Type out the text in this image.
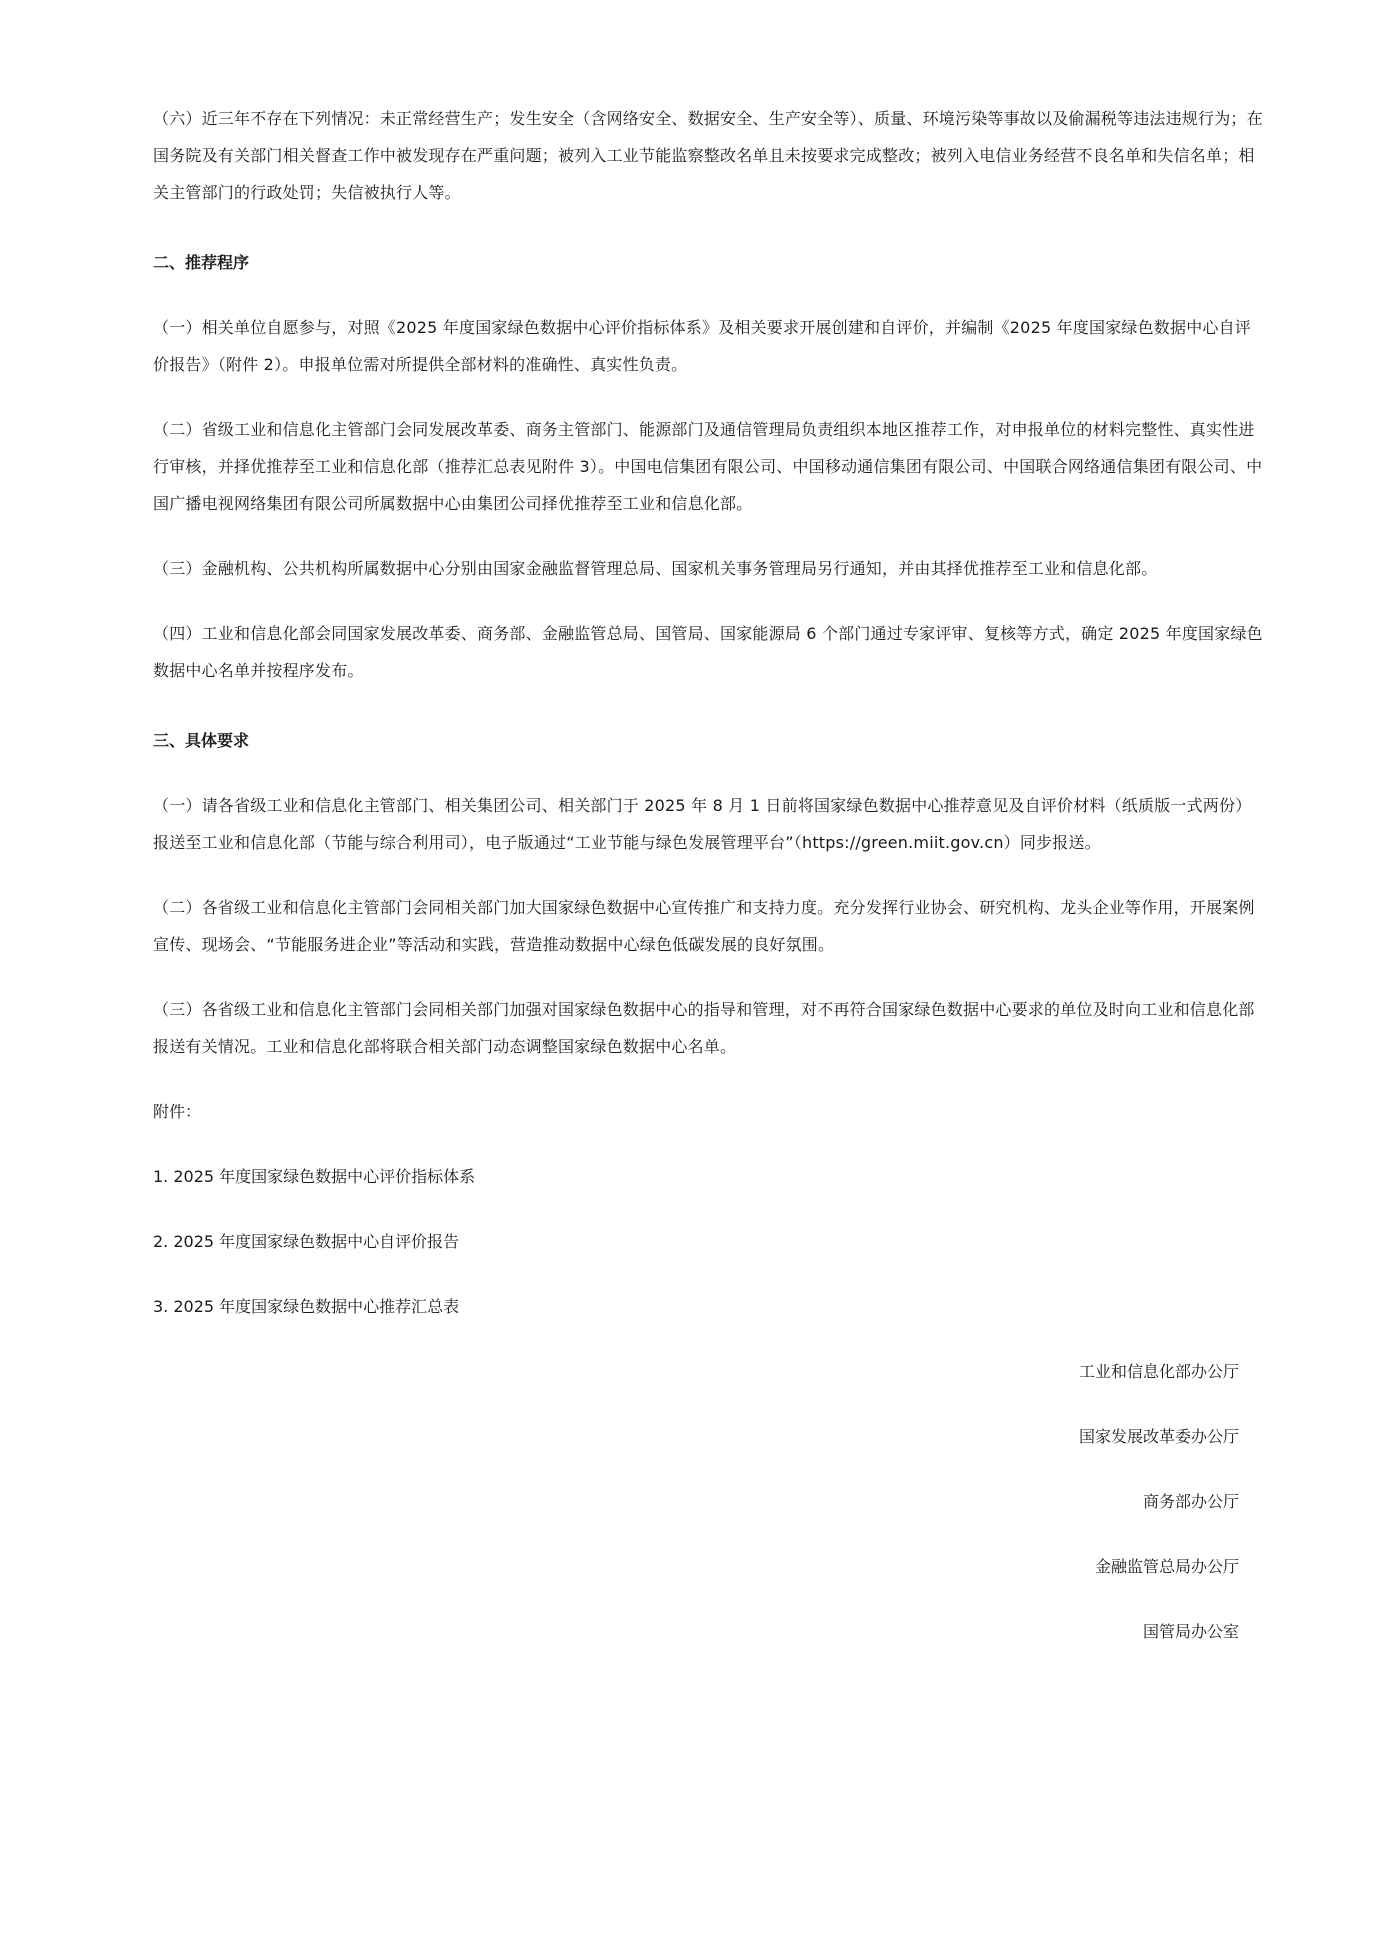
（六）近三年不存在下列情况：未正常经营生产；发生安全（含网络安全、数据安全、生产安全等）、质量、环境污染等事故以及偷漏税等违法违规行为；在国务院及有关部门相关督查工作中被发现存在严重问题；被列入工业节能监察整改名单且未按要求完成整改；被列入电信业务经营不良名单和失信名单；相关主管部门的行政处罚；失信被执行人等。

二、推荐程序

（一）相关单位自愿参与，对照《2025 年度国家绿色数据中心评价指标体系》及相关要求开展创建和自评价，并编制《2025 年度国家绿色数据中心自评价报告》（附件 2）。申报单位需对所提供全部材料的准确性、真实性负责。

（二）省级工业和信息化主管部门会同发展改革委、商务主管部门、能源部门及通信管理局负责组织本地区推荐工作，对申报单位的材料完整性、真实性进行审核，并择优推荐至工业和信息化部（推荐汇总表见附件 3）。中国电信集团有限公司、中国移动通信集团有限公司、中国联合网络通信集团有限公司、中国广播电视网络集团有限公司所属数据中心由集团公司择优推荐至工业和信息化部。

（三）金融机构、公共机构所属数据中心分别由国家金融监督管理总局、国家机关事务管理局另行通知，并由其择优推荐至工业和信息化部。

（四）工业和信息化部会同国家发展改革委、商务部、金融监管总局、国管局、国家能源局 6 个部门通过专家评审、复核等方式，确定 2025 年度国家绿色数据中心名单并按程序发布。

三、具体要求

（一）请各省级工业和信息化主管部门、相关集团公司、相关部门于 2025 年 8 月 1 日前将国家绿色数据中心推荐意见及自评价材料（纸质版一式两份）报送至工业和信息化部（节能与综合利用司），电子版通过“工业节能与绿色发展管理平台”（https://green.miit.gov.cn）同步报送。

（二）各省级工业和信息化主管部门会同相关部门加大国家绿色数据中心宣传推广和支持力度。充分发挥行业协会、研究机构、龙头企业等作用，开展案例宣传、现场会、“节能服务进企业”等活动和实践，营造推动数据中心绿色低碳发展的良好氛围。

（三）各省级工业和信息化主管部门会同相关部门加强对国家绿色数据中心的指导和管理，对不再符合国家绿色数据中心要求的单位及时向工业和信息化部报送有关情况。工业和信息化部将联合相关部门动态调整国家绿色数据中心名单。

附件：

1. 2025 年度国家绿色数据中心评价指标体系

2. 2025 年度国家绿色数据中心自评价报告

3. 2025 年度国家绿色数据中心推荐汇总表

工业和信息化部办公厅

国家发展改革委办公厅

商务部办公厅

金融监管总局办公厅

国管局办公室
